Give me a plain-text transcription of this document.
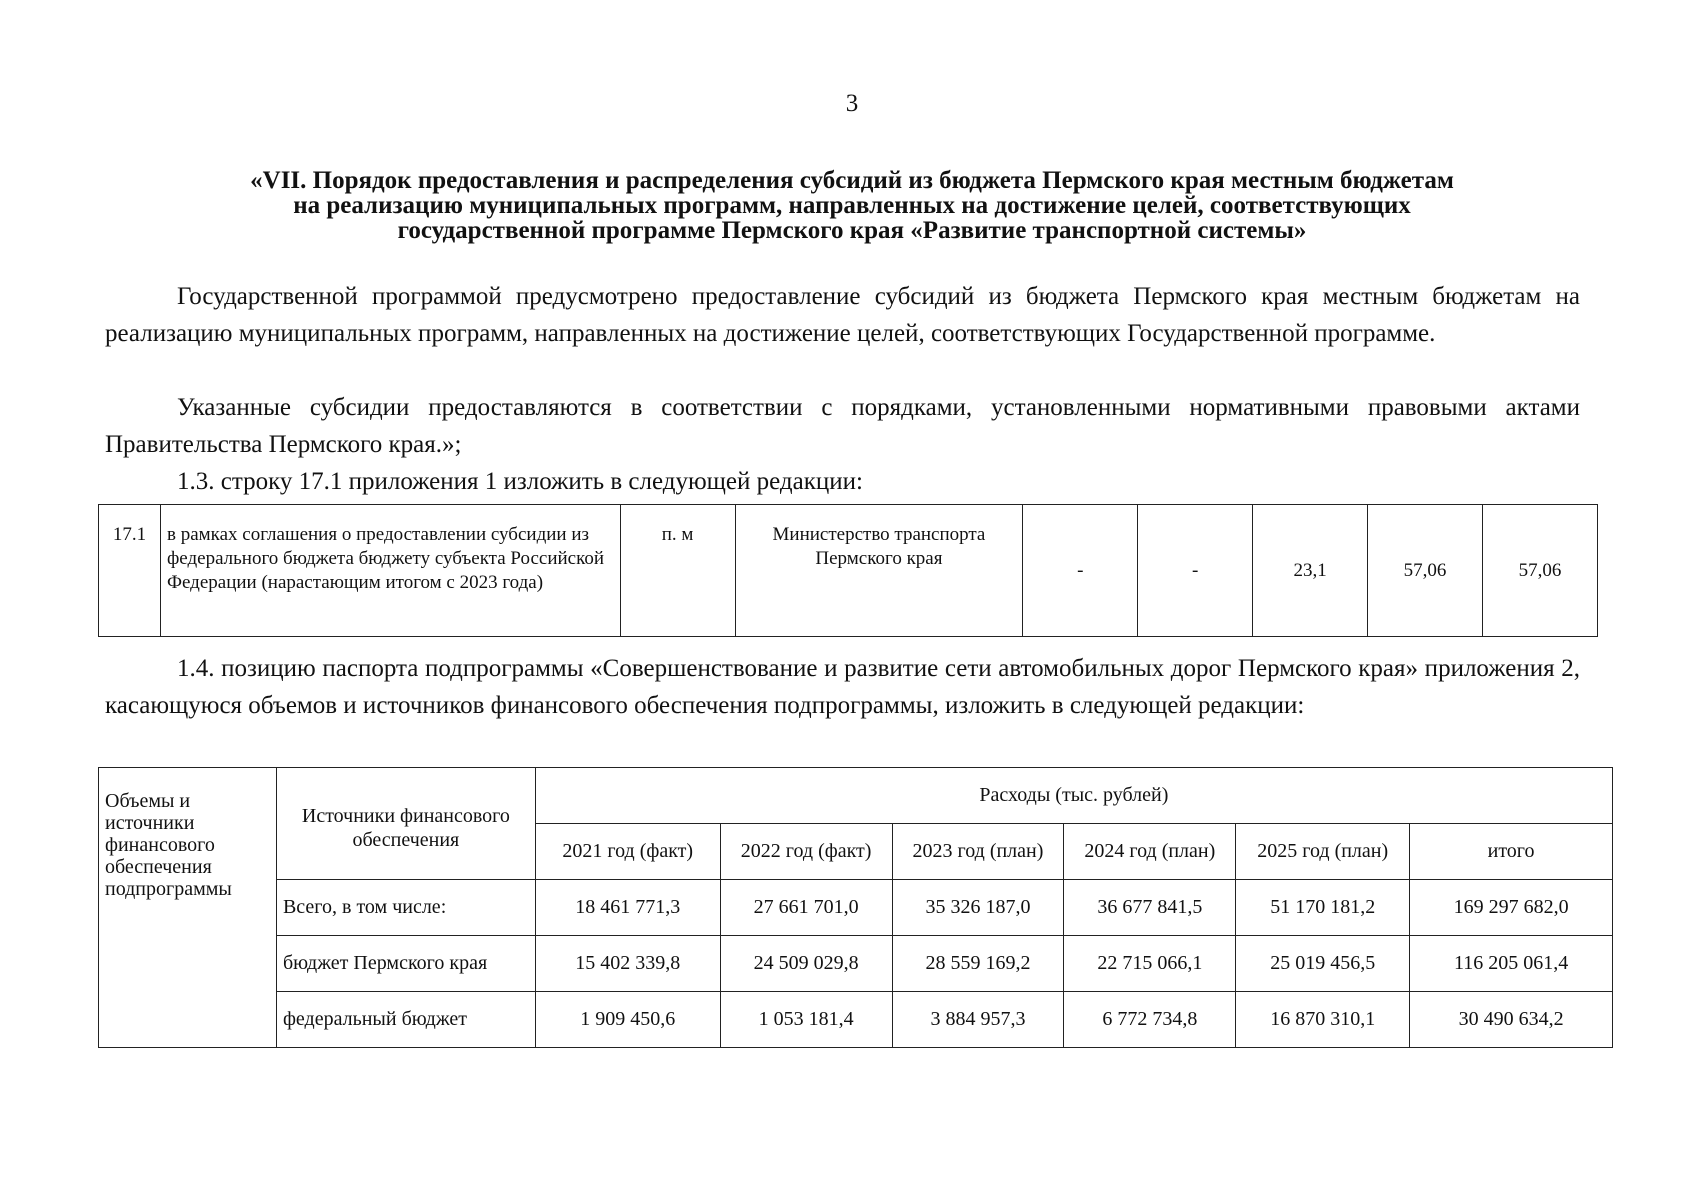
3
«VII. Порядок предоставления и распределения субсидий из бюджета Пермского края местным бюджетам
на реализацию муниципальных программ, направленных на достижение целей, соответствующих
государственной программе Пермского края «Развитие транспортной системы»
Государственной программой предусмотрено предоставление субсидий из бюджета Пермского края местным бюджетам на реализацию муниципальных программ, направленных на достижение целей, соответствующих Государственной программе.
Указанные субсидии предоставляются в соответствии с порядками, установленными нормативными правовыми актами Правительства Пермского края.»;
1.3. строку 17.1 приложения 1 изложить в следующей редакции:
17.1	в рамках соглашения о предоставлении субсидии из федерального бюджета бюджету субъекта Российской Федерации (нарастающим итогом с 2023 года)	п. м	Министерство транспорта Пермского края	-	-	23,1	57,06	57,06
1.4. позицию паспорта подпрограммы «Совершенствование и развитие сети автомобильных дорог Пермского края» приложения 2, касающуюся объемов и источников финансового обеспечения подпрограммы, изложить в следующей редакции:
Объемы и источники финансового обеспечения подпрограммы	Источники финансового обеспечения	Расходы (тыс. рублей)					
		2021 год (факт)	2022 год (факт)	2023 год (план)	2024 год (план)	2025 год (план)	итого
	Всего, в том числе:	18 461 771,3	27 661 701,0	35 326 187,0	36 677 841,5	51 170 181,2	169 297 682,0
	бюджет Пермского края	15 402 339,8	24 509 029,8	28 559 169,2	22 715 066,1	25 019 456,5	116 205 061,4
	федеральный бюджет	1 909 450,6	1 053 181,4	3 884 957,3	6 772 734,8	16 870 310,1	30 490 634,2
